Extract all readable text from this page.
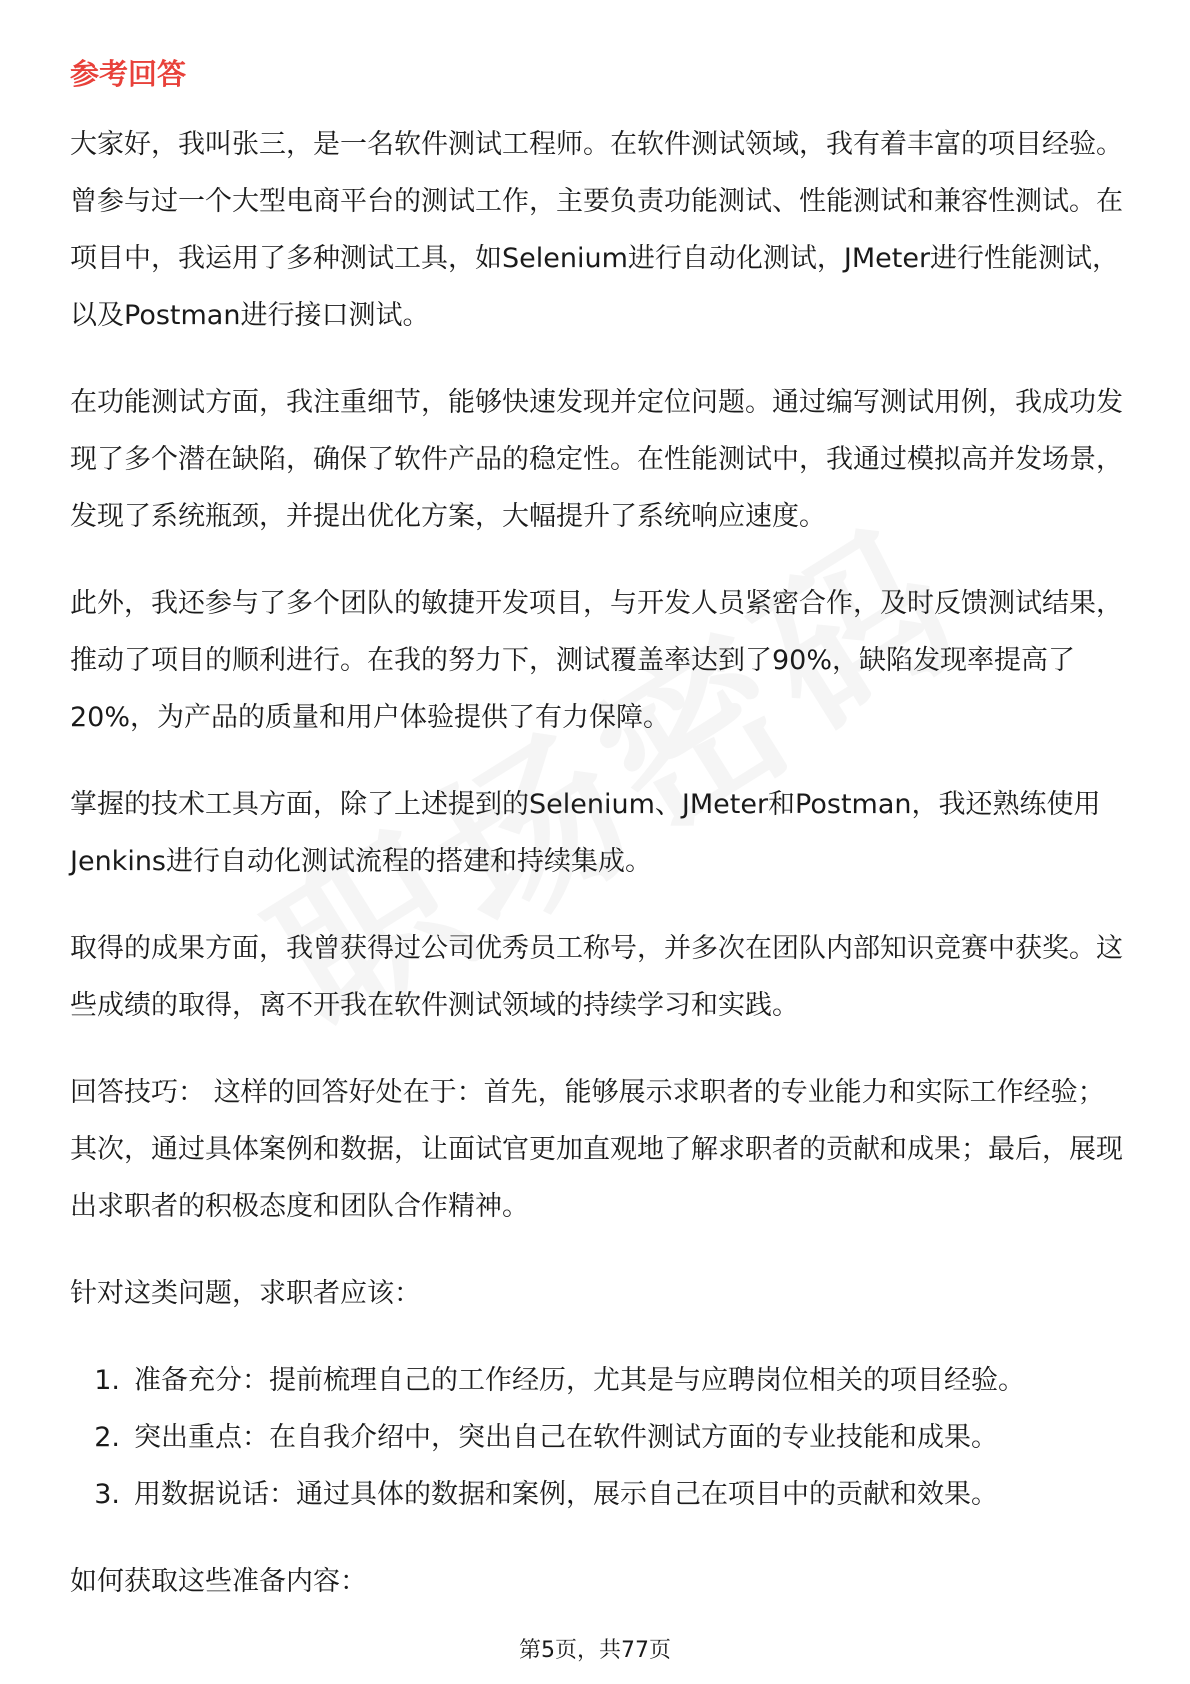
参考回答

大家好，我叫张三，是一名软件测试工程师。在软件测试领域，我有着丰富的项目经验。曾参与过一个大型电商平台的测试工作，主要负责功能测试、性能测试和兼容性测试。在项目中，我运用了多种测试工具，如Selenium进行自动化测试，JMeter进行性能测试，以及Postman进行接口测试。

在功能测试方面，我注重细节，能够快速发现并定位问题。通过编写测试用例，我成功发现了多个潜在缺陷，确保了软件产品的稳定性。在性能测试中，我通过模拟高并发场景，发现了系统瓶颈，并提出优化方案，大幅提升了系统响应速度。

此外，我还参与了多个团队的敏捷开发项目，与开发人员紧密合作，及时反馈测试结果，推动了项目的顺利进行。在我的努力下，测试覆盖率达到了90%，缺陷发现率提高了20%，为产品的质量和用户体验提供了有力保障。

掌握的技术工具方面，除了上述提到的Selenium、JMeter和Postman，我还熟练使用Jenkins进行自动化测试流程的搭建和持续集成。

取得的成果方面，我曾获得过公司优秀员工称号，并多次在团队内部知识竞赛中获奖。这些成绩的取得，离不开我在软件测试领域的持续学习和实践。

回答技巧： 这样的回答好处在于：首先，能够展示求职者的专业能力和实际工作经验；其次，通过具体案例和数据，让面试官更加直观地了解求职者的贡献和成果；最后，展现出求职者的积极态度和团队合作精神。

针对这类问题，求职者应该：

1. 准备充分：提前梳理自己的工作经历，尤其是与应聘岗位相关的项目经验。
2. 突出重点：在自我介绍中，突出自己在软件测试方面的专业技能和成果。
3. 用数据说话：通过具体的数据和案例，展示自己在项目中的贡献和效果。

如何获取这些准备内容：

第5页，共77页
